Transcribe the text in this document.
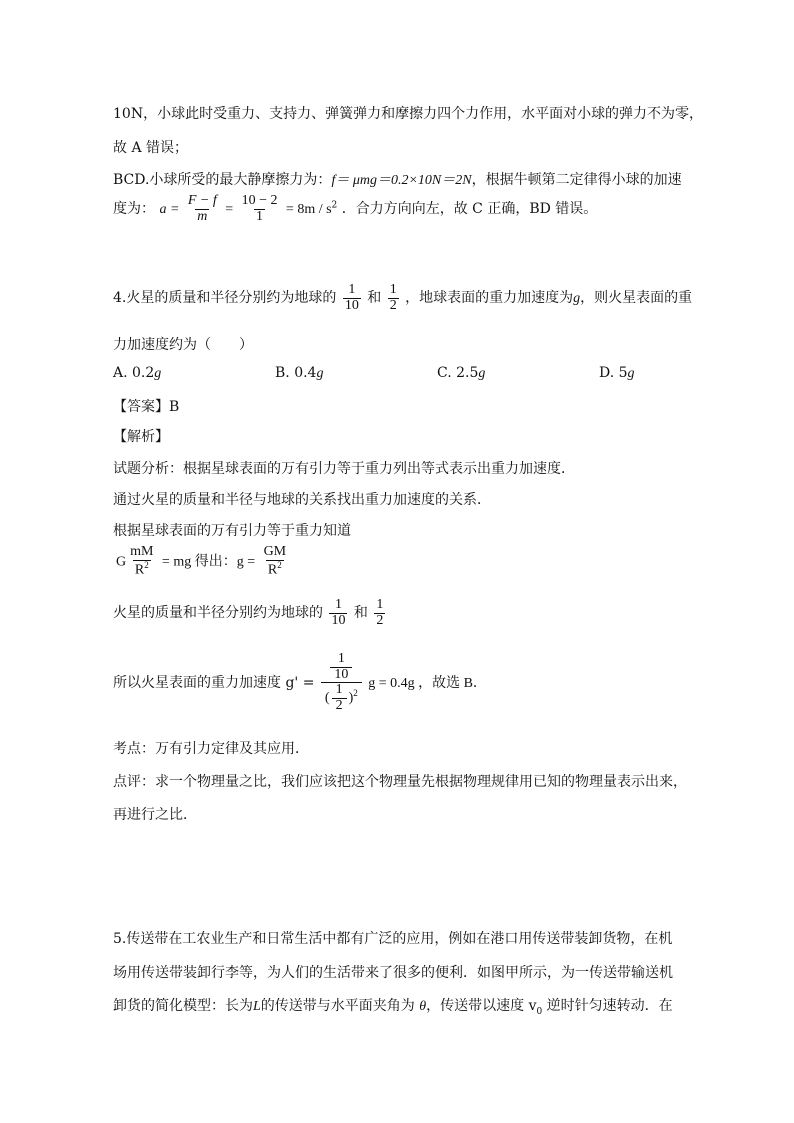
10N，小球此时受重力、支持力、弹簧弹力和摩擦力四个力作用，水平面对小球的弹力不为零，
故 A 错误；
BCD.小球所受的最大静摩擦力为：f＝ μmg＝0.2×10N＝2N，根据牛顿第二定律得小球的加速
度为： $a = \frac{F - f}{m} = \frac{10 - 2}{1} = 8m / s^2$ ．合力方向向左，故 C 正确，BD 错误。
4.火星的质量和半径分别约为地球的 $\frac{1}{10}$ 和 $\frac{1}{2}$ ，地球表面的重力加速度为g，则火星表面的重
力加速度约为（　　）
A. 0.2g	B. 0.4g	C. 2.5g	D. 5g
【答案】B
【解析】
试题分析：根据星球表面的万有引力等于重力列出等式表示出重力加速度．
通过火星的质量和半径与地球的关系找出重力加速度的关系．
根据星球表面的万有引力等于重力知道
G $\frac{mM}{R^2}$ = mg 得出：$g = \frac{GM}{R^2}$
火星的质量和半径分别约为地球的 $\frac{1}{10}$ 和 $\frac{1}{2}$
所以火星表面的重力加速度 $g' = \frac{\frac{1}{10}}{( \frac{1}{2} )^2}$ g = 0.4g ，故选 B．
考点：万有引力定律及其应用．
点评：求一个物理量之比，我们应该把这个物理量先根据物理规律用已知的物理量表示出来，
再进行之比．
5.传送带在工农业生产和日常生活中都有广泛的应用，例如在港口用传送带装卸货物，在机
场用传送带装卸行李等，为人们的生活带来了很多的便利．如图甲所示，为一传送带输送机
卸货的简化模型：长为L的传送带与水平面夹角为 θ，传送带以速度 $v_0$ 逆时针匀速转动．在
